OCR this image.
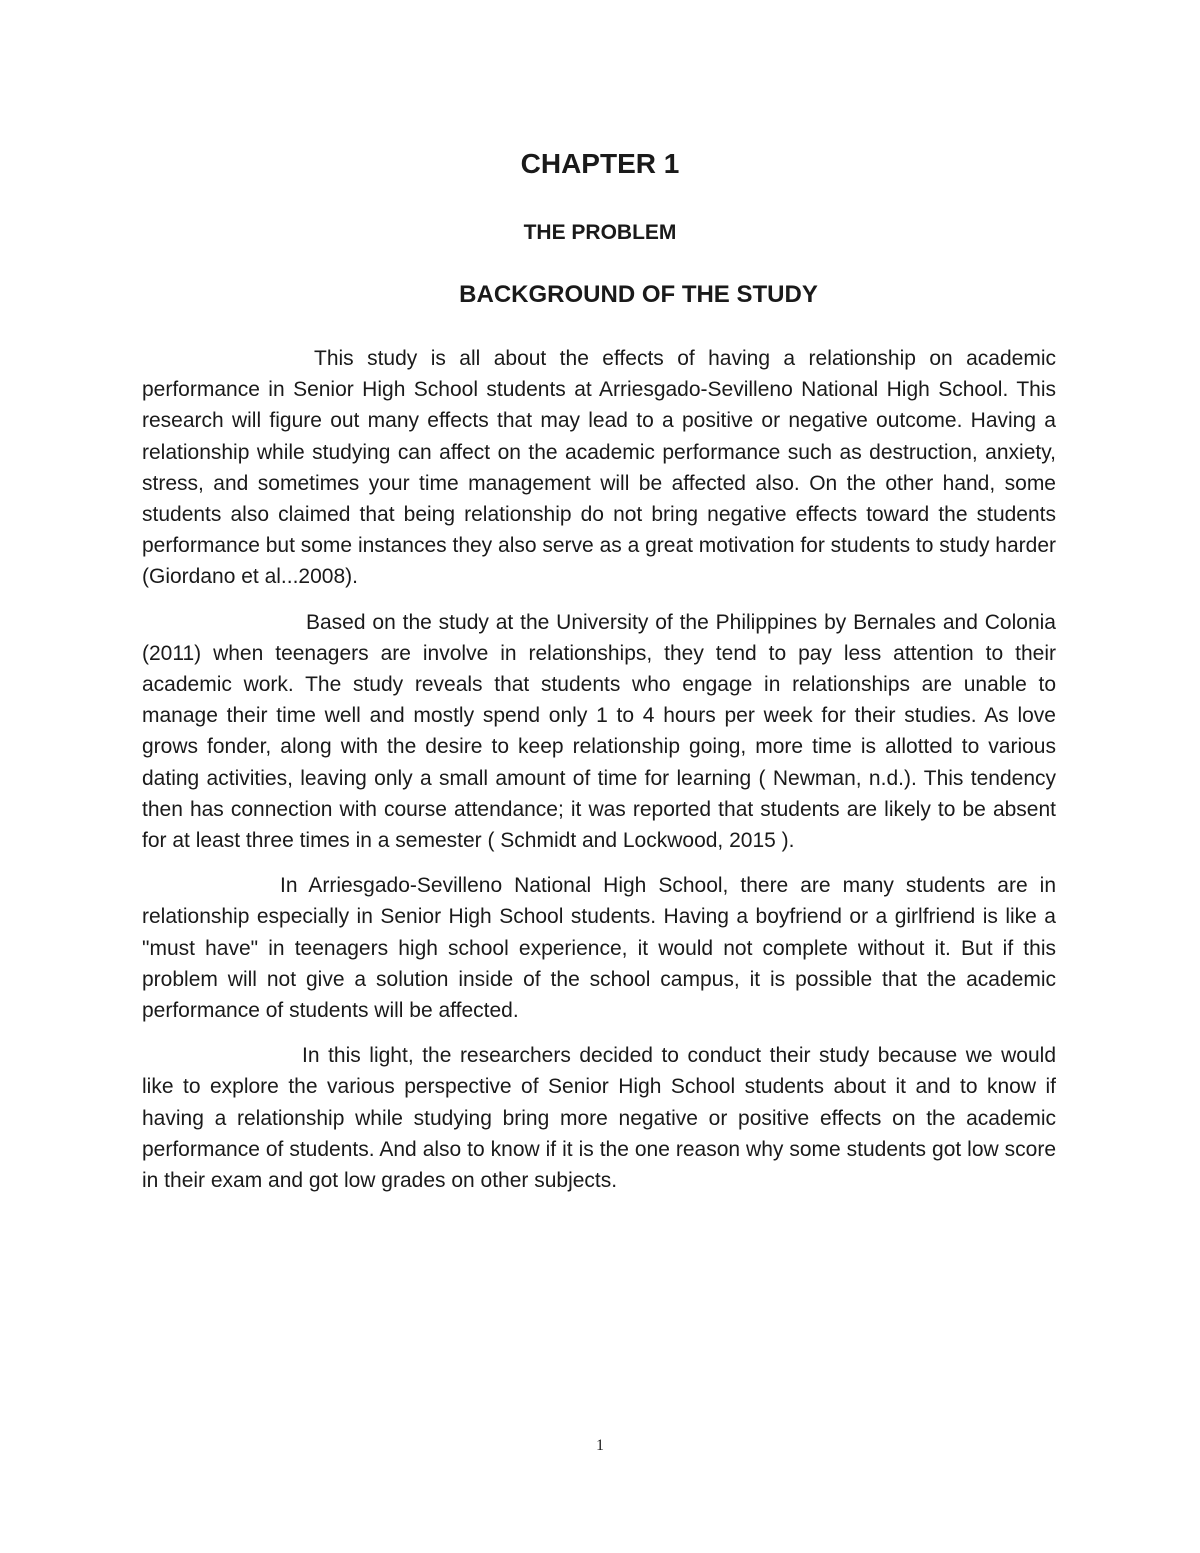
CHAPTER 1
THE PROBLEM
BACKGROUND OF THE STUDY

This study is all about the effects of having a relationship on academic performance in Senior High School students at Arriesgado-Sevilleno National High School. This research will figure out many effects that may lead to a positive or negative outcome. Having a relationship while studying can affect on the academic performance such as destruction, anxiety, stress, and sometimes your time management will be affected also. On the other hand, some students also claimed that being relationship do not bring negative effects toward the students performance but some instances they also serve as a great motivation for students to study harder (Giordano et al...2008).

Based on the study at the University of the Philippines by Bernales and Colonia (2011) when teenagers are involve in relationships, they tend to pay less attention to their academic work. The study reveals that students who engage in relationships are unable to manage their time well and mostly spend only 1 to 4 hours per week for their studies. As love grows fonder, along with the desire to keep relationship going, more time is allotted to various dating activities, leaving only a small amount of time for learning ( Newman, n.d.). This tendency then has connection with course attendance; it was reported that students are likely to be absent for at least three times in a semester ( Schmidt and Lockwood, 2015 ).

In Arriesgado-Sevilleno National High School, there are many students are in relationship especially in Senior High School students. Having a boyfriend or a girlfriend is like a "must have" in teenagers high school experience, it would not complete without it. But if this problem will not give a solution inside of the school campus, it is possible that the academic performance of students will be affected.

In this light, the researchers decided to conduct their study because we would like to explore the various perspective of Senior High School students about it and to know if having a relationship while studying bring more negative or positive effects on the academic performance of students. And also to know if it is the one reason why some students got low score in their exam and got low grades on other subjects.

1
